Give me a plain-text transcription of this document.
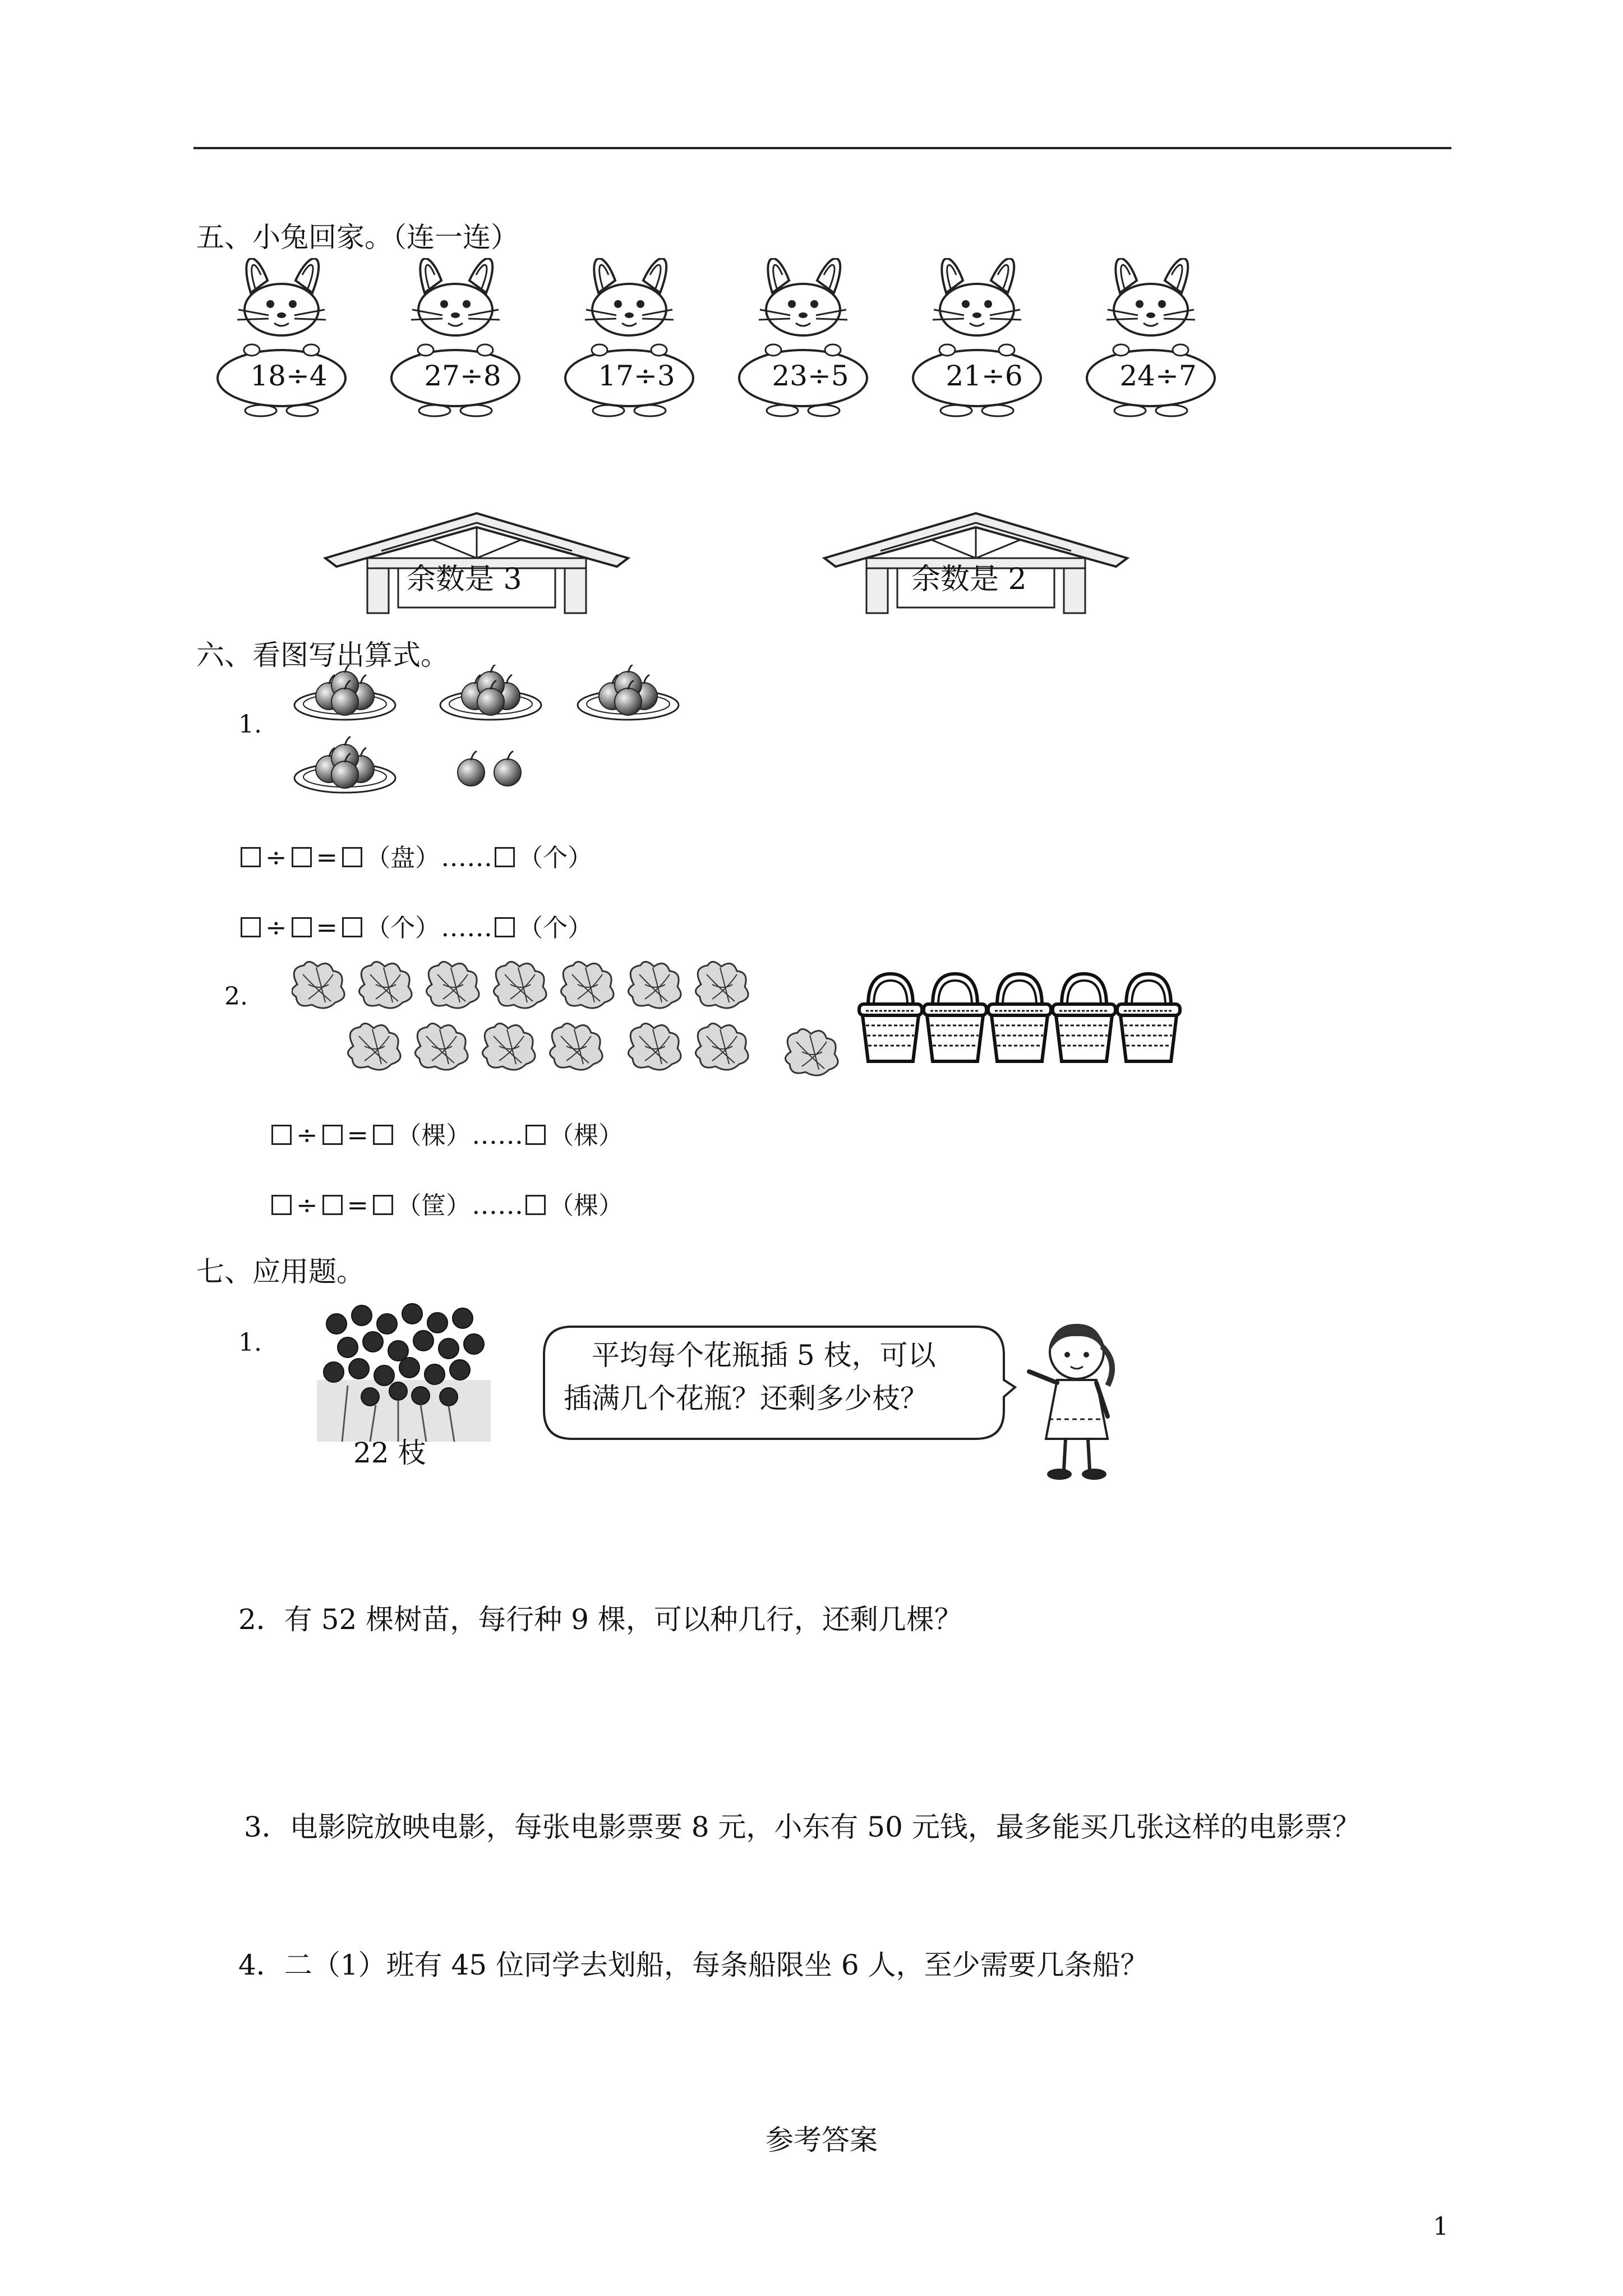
五、小兔回家。（连一连）
18÷4	27÷8	17÷3	23÷5	21÷6	24÷7
余数是 3	余数是 2
六、看图写出算式。
1.
÷ = （盘）…… （个）
÷ = （个）…… （个）
2.
÷ = （棵）…… （棵）
÷ = （筐）…… （棵）
七、应用题。
1.
22 枝
平均每个花瓶插 5 枝，可以
插满几个花瓶？还剩多少枝？
2．有 52 棵树苗，每行种 9 棵，可以种几行，还剩几棵？
3．电影院放映电影，每张电影票要 8 元，小东有 50 元钱，最多能买几张这样的电影票？
4．二（1）班有 45 位同学去划船，每条船限坐 6 人，至少需要几条船？
参考答案
1
